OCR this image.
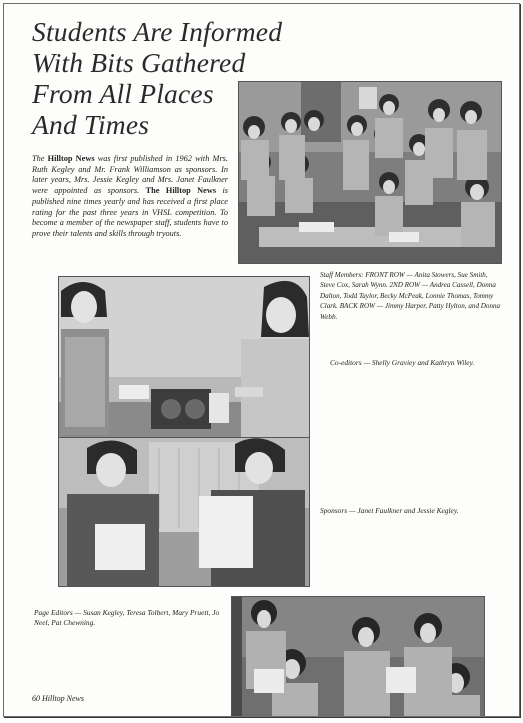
Students Are Informed
With Bits Gathered
From All Places
And Times
The Hilltop News was first published in 1962 with Mrs. Ruth Kegley and Mr. Frank Williamson as sponsors. In later years, Mrs. Jessie Kegley and Mrs. Janet Faulkner were appointed as sponsors. The Hilltop News is published nine times yearly and has received a first place rating for the past three years in VHSL competition. To become a member of the newspaper staff, students have to prove their talents and skills through tryouts.
Staff Members: FRONT ROW — Anita Stowers, Sue Smith, Steve Cox, Sarah Wynn. 2ND ROW — Andrea Cassell, Donna Dalton, Todd Taylor, Becky McPeak, Lonnie Thomas, Tommy Clark. BACK ROW — Jimmy Harper, Patty Hylton, and Donna Webb.
Co-editors — Shelly Graviey and Kathryn Wiley.
Sponsors — Janet Faulkner and Jessie Kegley.
Page Editors — Susan Kegley, Teresa Tolbert, Mary Pruett, Jo Neel, Pat Chewning.
60 Hilltop News
